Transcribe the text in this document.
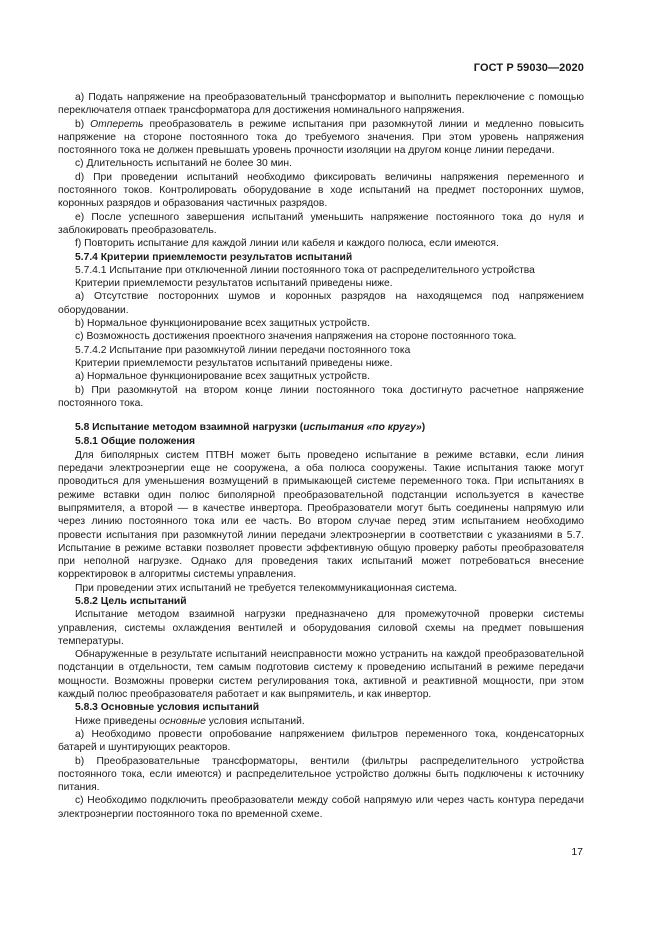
ГОСТ Р 59030—2020

a) Подать напряжение на преобразовательный трансформатор и выполнить переключение с помощью переключателя отпаек трансформатора для достижения номинального напряжения.

b) Отпереть преобразователь в режиме испытания при разомкнутой линии и медленно повысить напряжение на стороне постоянного тока до требуемого значения. При этом уровень напряжения постоянного тока не должен превышать уровень прочности изоляции на другом конце линии передачи.

c) Длительность испытаний не более 30 мин.

d) При проведении испытаний необходимо фиксировать величины напряжения переменного и постоянного токов. Контролировать оборудование в ходе испытаний на предмет посторонних шумов, коронных разрядов и образования частичных разрядов.

e) После успешного завершения испытаний уменьшить напряжение постоянного тока до нуля и заблокировать преобразователь.

f) Повторить испытание для каждой линии или кабеля и каждого полюса, если имеются.

5.7.4 Критерии приемлемости результатов испытаний

5.7.4.1 Испытание при отключенной линии постоянного тока от распределительного устройства

Критерии приемлемости результатов испытаний приведены ниже.

a) Отсутствие посторонних шумов и коронных разрядов на находящемся под напряжением оборудовании.

b) Нормальное функционирование всех защитных устройств.

c) Возможность достижения проектного значения напряжения на стороне постоянного тока.

5.7.4.2 Испытание при разомкнутой линии передачи постоянного тока

Критерии приемлемости результатов испытаний приведены ниже.

a) Нормальное функционирование всех защитных устройств.

b) При разомкнутой на втором конце линии постоянного тока достигнуто расчетное напряжение постоянного тока.

5.8 Испытание методом взаимной нагрузки (испытания «по кругу»)

5.8.1 Общие положения

Для биполярных систем ПТВН может быть проведено испытание в режиме вставки, если линия передачи электроэнергии еще не сооружена, а оба полюса сооружены. Такие испытания также могут проводиться для уменьшения возмущений в примыкающей системе переменного тока. При испытаниях в режиме вставки один полюс биполярной преобразовательной подстанции используется в качестве выпрямителя, а второй — в качестве инвертора. Преобразователи могут быть соединены напрямую или через линию постоянного тока или ее часть. Во втором случае перед этим испытанием необходимо провести испытания при разомкнутой линии передачи электроэнергии в соответствии с указаниями в 5.7. Испытание в режиме вставки позволяет провести эффективную общую проверку работы преобразователя при неполной нагрузке. Однако для проведения таких испытаний может потребоваться внесение корректировок в алгоритмы системы управления.

При проведении этих испытаний не требуется телекоммуникационная система.

5.8.2 Цель испытаний

Испытание методом взаимной нагрузки предназначено для промежуточной проверки системы управления, системы охлаждения вентилей и оборудования силовой схемы на предмет повышения температуры.

Обнаруженные в результате испытаний неисправности можно устранить на каждой преобразовательной подстанции в отдельности, тем самым подготовив систему к проведению испытаний в режиме передачи мощности. Возможны проверки систем регулирования тока, активной и реактивной мощности, при этом каждый полюс преобразователя работает и как выпрямитель, и как инвертор.

5.8.3 Основные условия испытаний

Ниже приведены основные условия испытаний.

a) Необходимо провести опробование напряжением фильтров переменного тока, конденсаторных батарей и шунтирующих реакторов.

b) Преобразовательные трансформаторы, вентили (фильтры распределительного устройства постоянного тока, если имеются) и распределительное устройство должны быть подключены к источнику питания.

c) Необходимо подключить преобразователи между собой напрямую или через часть контура передачи электроэнергии постоянного тока по временной схеме.

17
